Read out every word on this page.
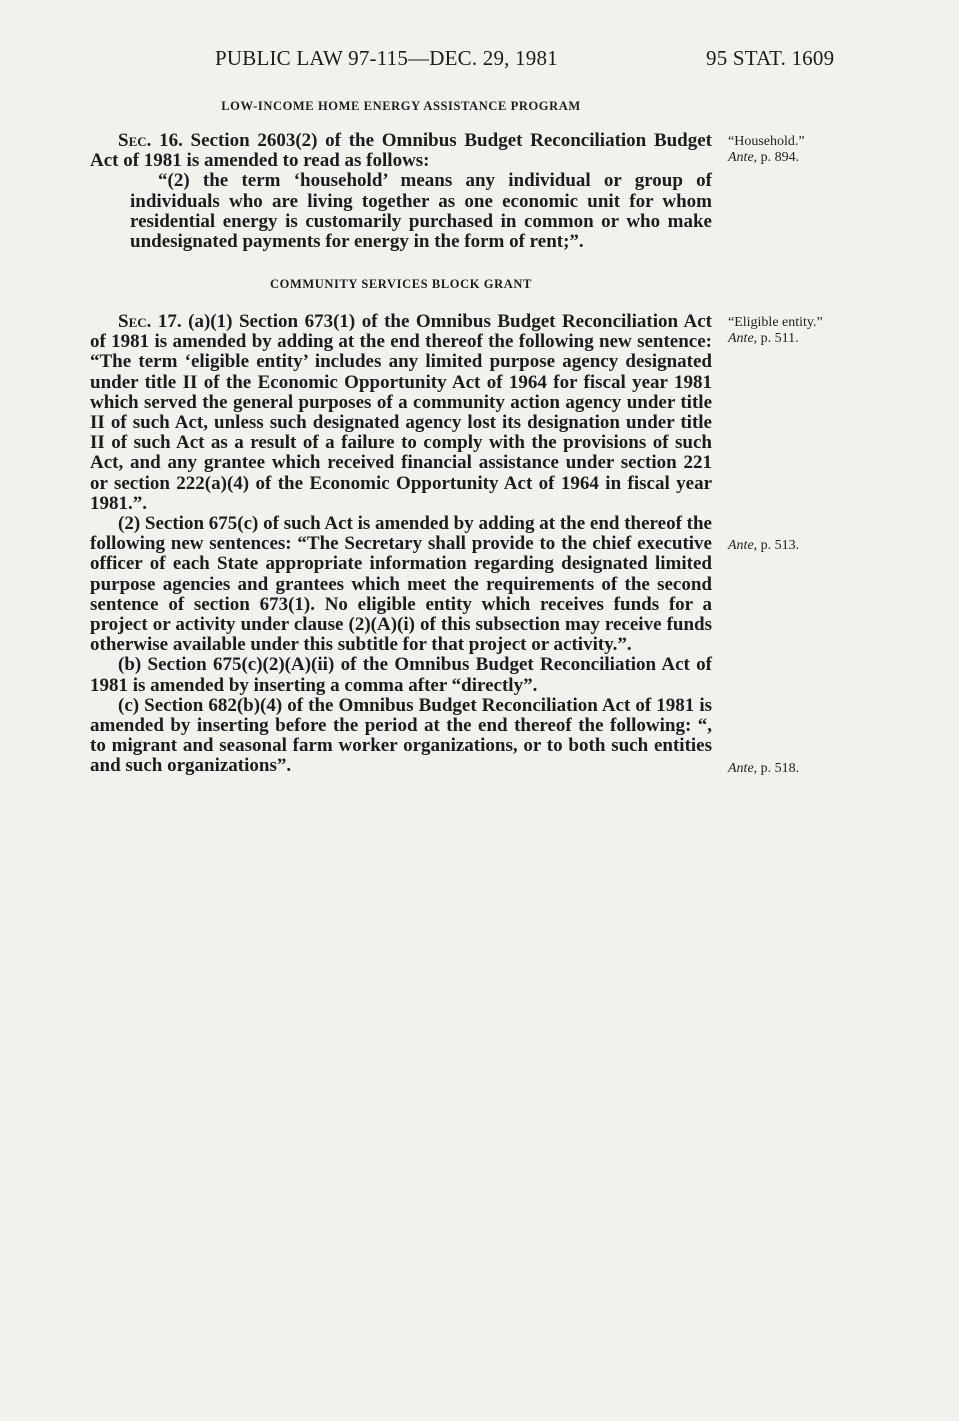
PUBLIC LAW 97-115—DEC. 29, 1981	95 STAT. 1609
LOW-INCOME HOME ENERGY ASSISTANCE PROGRAM

Sec. 16. Section 2603(2) of the Omnibus Budget Reconciliation Budget Act of 1981 is amended to read as follows:

“(2) the term ‘household’ means any individual or group of individuals who are living together as one economic unit for whom residential energy is customarily purchased in common or who make undesignated payments for energy in the form of rent;”.

COMMUNITY SERVICES BLOCK GRANT

Sec. 17. (a)(1) Section 673(1) of the Omnibus Budget Reconciliation Act of 1981 is amended by adding at the end thereof the following new sentence: “The term ‘eligible entity’ includes any limited purpose agency designated under title II of the Economic Opportunity Act of 1964 for fiscal year 1981 which served the general purposes of a community action agency under title II of such Act, unless such designated agency lost its designation under title II of such Act as a result of a failure to comply with the provisions of such Act, and any grantee which received financial assistance under section 221 or section 222(a)(4) of the Economic Opportunity Act of 1964 in fiscal year 1981.”.

(2) Section 675(c) of such Act is amended by adding at the end thereof the following new sentences: “The Secretary shall provide to the chief executive officer of each State appropriate information regarding designated limited purpose agencies and grantees which meet the requirements of the second sentence of section 673(1). No eligible entity which receives funds for a project or activity under clause (2)(A)(i) of this subsection may receive funds otherwise available under this subtitle for that project or activity.”.

(b) Section 675(c)(2)(A)(ii) of the Omnibus Budget Reconciliation Act of 1981 is amended by inserting a comma after “directly”.

(c) Section 682(b)(4) of the Omnibus Budget Reconciliation Act of 1981 is amended by inserting before the period at the end thereof the following: “, to migrant and seasonal farm worker organizations, or to both such entities and such organizations”.

“Household.”
Ante, p. 894.
“Eligible entity.”
Ante, p. 511.
Ante, p. 513.
Ante, p. 518.
